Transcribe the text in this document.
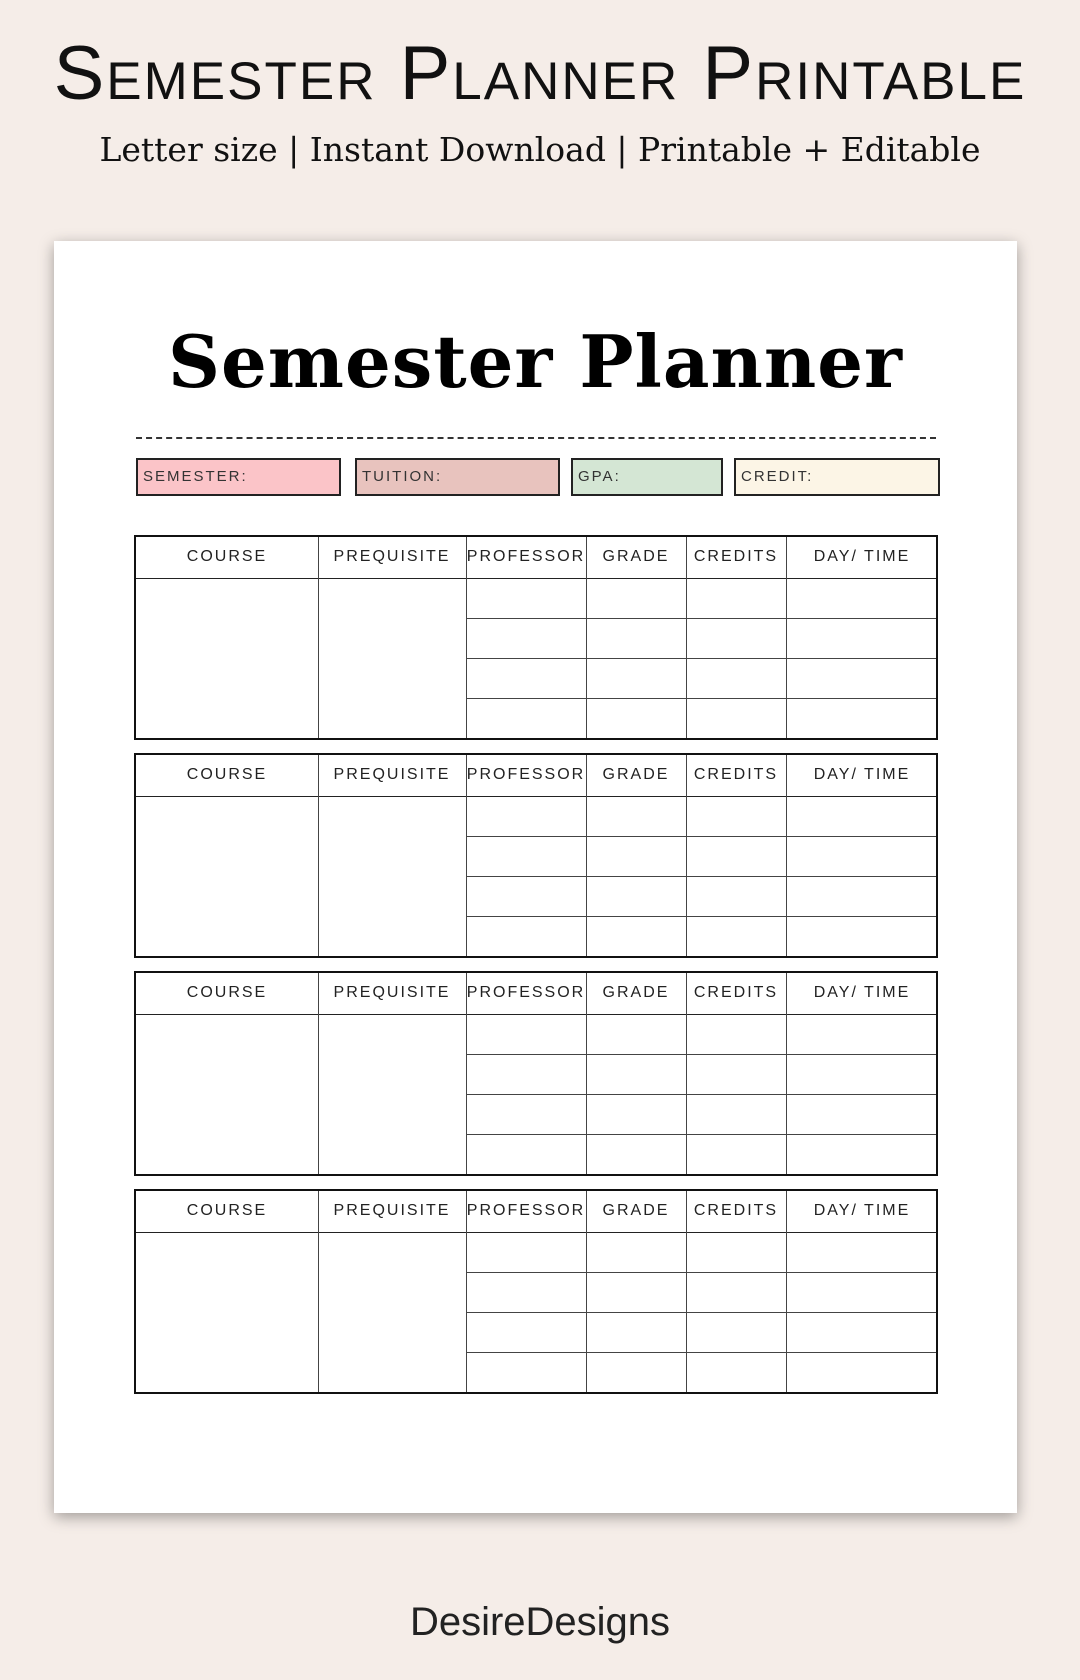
Semester Planner Printable
Letter size | Instant Download | Printable + Editable
Semester Planner
SEMESTER:	TUITION:	GPA:	CREDIT:
COURSE	PREQUISITE	PROFESSOR	GRADE	CREDITS	DAY/ TIME
COURSE	PREQUISITE	PROFESSOR	GRADE	CREDITS	DAY/ TIME
COURSE	PREQUISITE	PROFESSOR	GRADE	CREDITS	DAY/ TIME
COURSE	PREQUISITE	PROFESSOR	GRADE	CREDITS	DAY/ TIME
DesireDesigns
